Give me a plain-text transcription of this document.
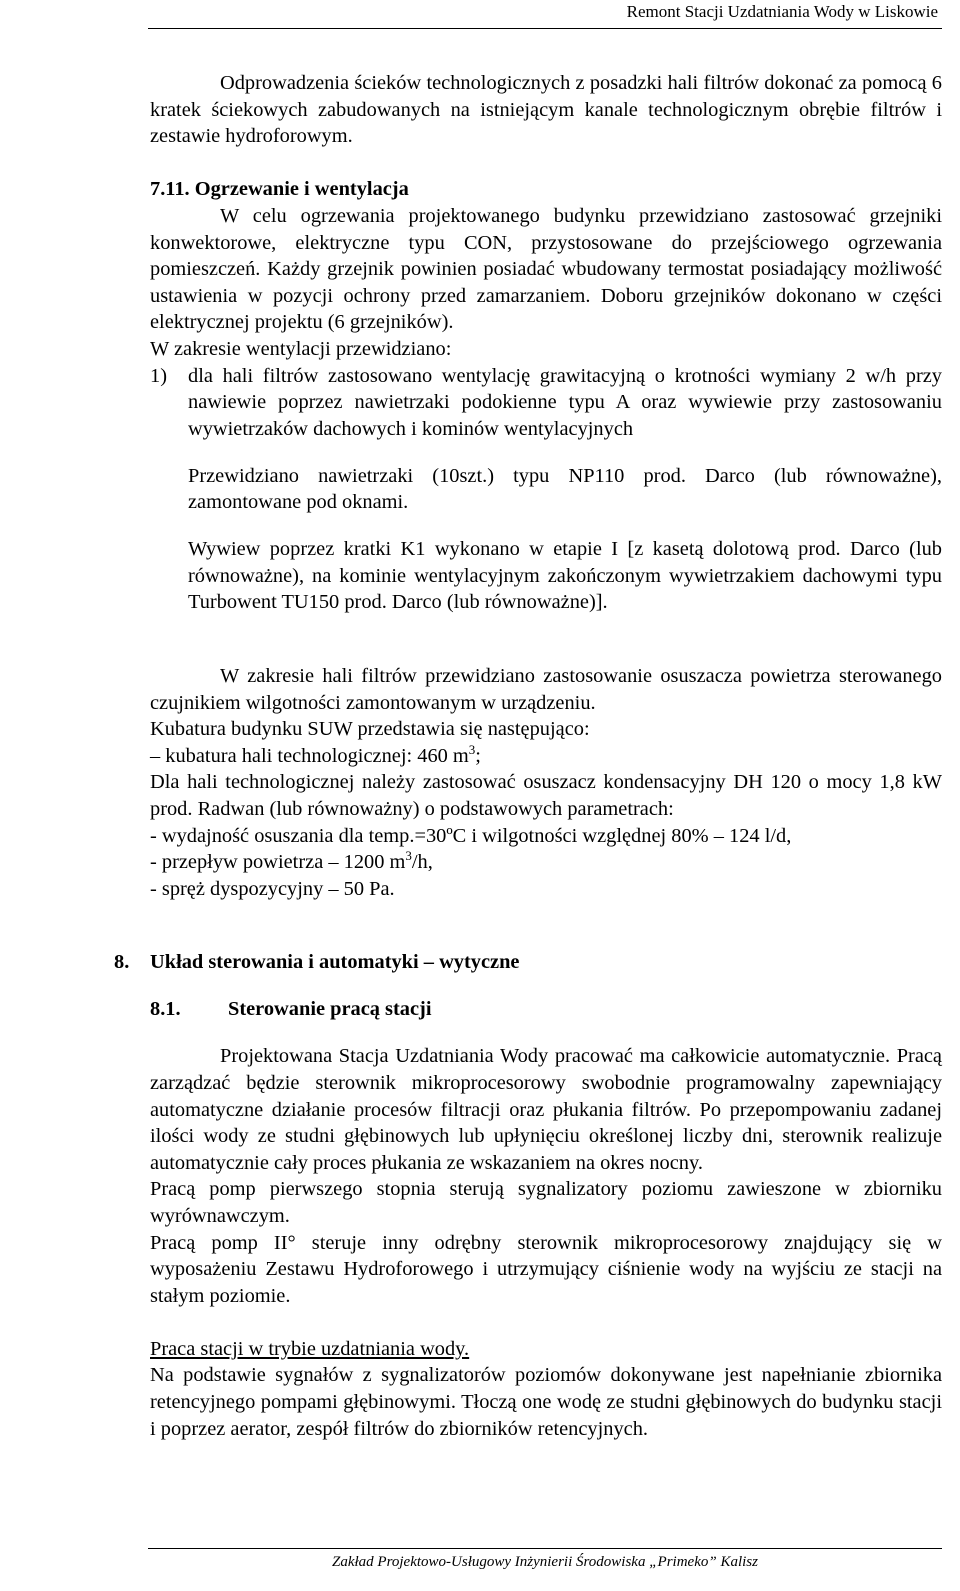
Remont Stacji Uzdatniania Wody w Liskowie

Odprowadzenia ścieków technologicznych z posadzki hali filtrów dokonać za pomocą 6 kratek ściekowych zabudowanych na istniejącym kanale technologicznym obrębie filtrów i zestawie hydroforowym.

7.11. Ogrzewanie i wentylacja

W celu ogrzewania projektowanego budynku przewidziano zastosować grzejniki konwektorowe, elektryczne typu CON, przystosowane do przejściowego ogrzewania pomieszczeń. Każdy grzejnik powinien posiadać wbudowany termostat posiadający możliwość ustawienia w pozycji ochrony przed zamarzaniem. Doboru grzejników dokonano w części elektrycznej projektu (6 grzejników).

W zakresie wentylacji przewidziano:

1)	dla hali filtrów zastosowano wentylację grawitacyjną o krotności wymiany 2 w/h przy nawiewie poprzez nawietrzaki podokienne typu A oraz wywiewie przy zastosowaniu wywietrzaków dachowych i kominów wentylacyjnych

Przewidziano nawietrzaki (10szt.) typu NP110 prod. Darco (lub równoważne), zamontowane pod oknami.

Wywiew poprzez kratki K1 wykonano w etapie I [z kasetą dolotową prod. Darco (lub równoważne), na kominie wentylacyjnym zakończonym wywietrzakiem dachowymi typu Turbowent TU150 prod. Darco (lub równoważne)].

W zakresie hali filtrów przewidziano zastosowanie osuszacza powietrza sterowanego czujnikiem wilgotności zamontowanym w urządzeniu.

Kubatura budynku SUW przedstawia się następująco:

– kubatura hali technologicznej: 460 $m^3$;

Dla hali technologicznej należy zastosować osuszacz kondensacyjny DH 120 o mocy 1,8 kW prod. Radwan (lub równoważny) o podstawowych parametrach:

- wydajność osuszania dla temp.=30ºC i wilgotności względnej 80% – 124 l/d,

- przepływ powietrza – 1200 $m^3/h$,

- spręż dyspozycyjny – 50 Pa.

8. Układ sterowania i automatyki – wytyczne

8.1. Sterowanie pracą stacji

Projektowana Stacja Uzdatniania Wody pracować ma całkowicie automatycznie. Pracą zarządzać będzie sterownik mikroprocesorowy swobodnie programowalny zapewniający automatyczne działanie procesów filtracji oraz płukania filtrów. Po przepompowaniu zadanej ilości wody ze studni głębinowych lub upłynięciu określonej liczby dni, sterownik realizuje automatycznie cały proces płukania ze wskazaniem na okres nocny.

Pracą pomp pierwszego stopnia sterują sygnalizatory poziomu zawieszone w zbiorniku wyrównawczym.

Pracą pomp II° steruje inny odrębny sterownik mikroprocesorowy znajdujący się w wyposażeniu Zestawu Hydroforowego i utrzymujący ciśnienie wody na wyjściu ze stacji na stałym poziomie.

Praca stacji w trybie uzdatniania wody.

Na podstawie sygnałów z sygnalizatorów poziomów dokonywane jest napełnianie zbiornika retencyjnego pompami głębinowymi. Tłoczą one wodę ze studni głębinowych do budynku stacji i poprzez aerator, zespół filtrów do zbiorników retencyjnych.

Zakład Projektowo-Usługowy Inżynierii Środowiska „Primeko” Kalisz
